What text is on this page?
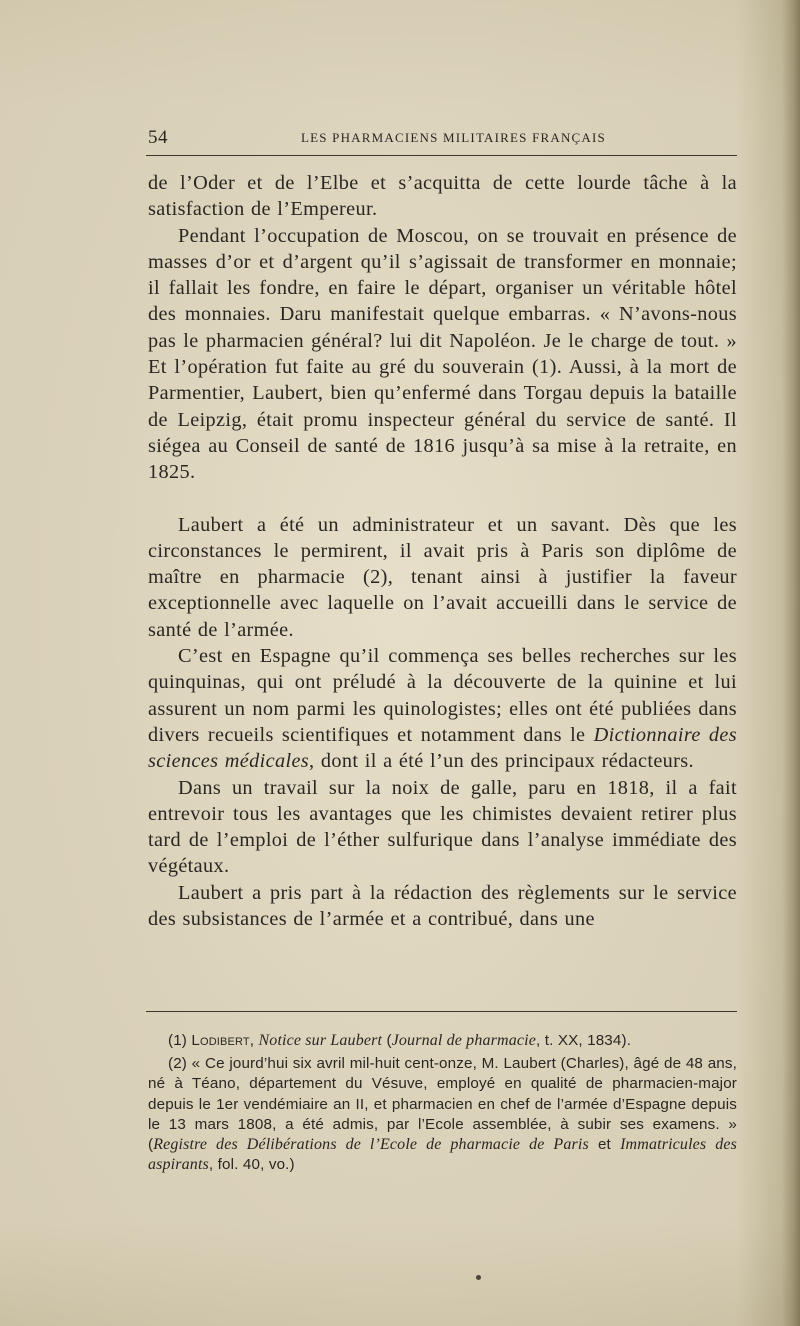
54	LES PHARMACIENS MILITAIRES FRANÇAIS

de l’Oder et de l’Elbe et s’acquitta de cette lourde tâche à la satisfaction de l’Empereur.

Pendant l’occupation de Moscou, on se trouvait en présence de masses d’or et d’argent qu’il s’agissait de transformer en monnaie; il fallait les fondre, en faire le départ, organiser un véritable hôtel des monnaies. Daru manifestait quelque embarras. « N’avons-nous pas le pharmacien général? lui dit Napoléon. Je le charge de tout. » Et l’opération fut faite au gré du souverain (1). Aussi, à la mort de Parmentier, Laubert, bien qu’enfermé dans Torgau depuis la bataille de Leipzig, était promu inspecteur général du service de santé. Il siégea au Conseil de santé de 1816 jusqu’à sa mise à la retraite, en 1825.

Laubert a été un administrateur et un savant. Dès que les circonstances le permirent, il avait pris à Paris son diplôme de maître en pharmacie (2), tenant ainsi à justifier la faveur exceptionnelle avec laquelle on l’avait accueilli dans le service de santé de l’armée.

C’est en Espagne qu’il commença ses belles recherches sur les quinquinas, qui ont préludé à la découverte de la quinine et lui assurent un nom parmi les quinologistes; elles ont été publiées dans divers recueils scientifiques et notamment dans le Dictionnaire des sciences médicales, dont il a été l’un des principaux rédacteurs.

Dans un travail sur la noix de galle, paru en 1818, il a fait entrevoir tous les avantages que les chimistes devaient retirer plus tard de l’emploi de l’éther sulfurique dans l’analyse immédiate des végétaux.

Laubert a pris part à la rédaction des règlements sur le service des subsistances de l’armée et a contribué, dans une

(1) Lodibert, Notice sur Laubert (Journal de pharmacie, t. XX, 1834).

(2) « Ce jourd’hui six avril mil-huit cent-onze, M. Laubert (Charles), âgé de 48 ans, né à Téano, département du Vésuve, employé en qualité de pharmacien-major depuis le 1er vendémiaire an II, et pharmacien en chef de l’armée d’Espagne depuis le 13 mars 1808, a été admis, par l’Ecole assemblée, à subir ses examens. » (Registre des Délibérations de l’Ecole de pharmacie de Paris et Immatricules des aspirants, fol. 40, vo.)
